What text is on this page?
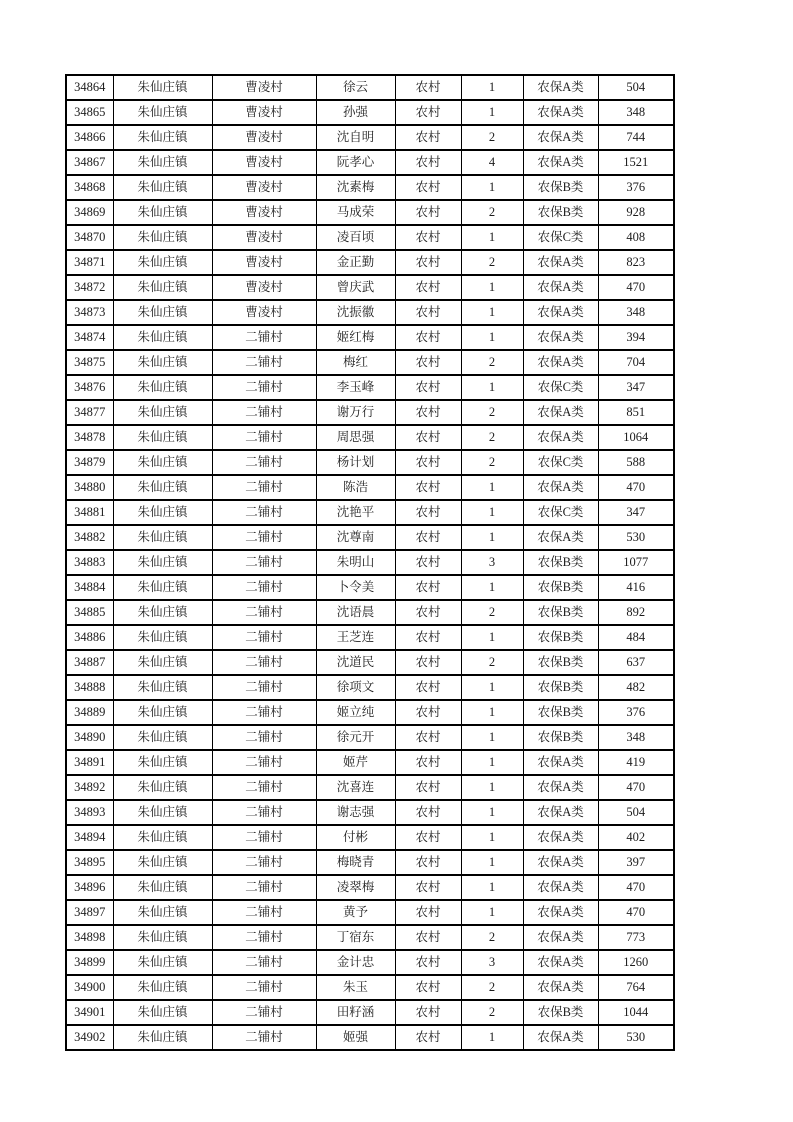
34864	朱仙庄镇	曹凌村	徐云	农村	1	农保A类	504
34865	朱仙庄镇	曹凌村	孙强	农村	1	农保A类	348
34866	朱仙庄镇	曹凌村	沈自明	农村	2	农保A类	744
34867	朱仙庄镇	曹凌村	阮孝心	农村	4	农保A类	1521
34868	朱仙庄镇	曹凌村	沈素梅	农村	1	农保B类	376
34869	朱仙庄镇	曹凌村	马成荣	农村	2	农保B类	928
34870	朱仙庄镇	曹凌村	凌百顷	农村	1	农保C类	408
34871	朱仙庄镇	曹凌村	金正勤	农村	2	农保A类	823
34872	朱仙庄镇	曹凌村	曾庆武	农村	1	农保A类	470
34873	朱仙庄镇	曹凌村	沈振徽	农村	1	农保A类	348
34874	朱仙庄镇	二铺村	姬红梅	农村	1	农保A类	394
34875	朱仙庄镇	二铺村	梅红	农村	2	农保A类	704
34876	朱仙庄镇	二铺村	李玉峰	农村	1	农保C类	347
34877	朱仙庄镇	二铺村	谢万行	农村	2	农保A类	851
34878	朱仙庄镇	二铺村	周思强	农村	2	农保A类	1064
34879	朱仙庄镇	二铺村	杨计划	农村	2	农保C类	588
34880	朱仙庄镇	二铺村	陈浩	农村	1	农保A类	470
34881	朱仙庄镇	二铺村	沈艳平	农村	1	农保C类	347
34882	朱仙庄镇	二铺村	沈尊南	农村	1	农保A类	530
34883	朱仙庄镇	二铺村	朱明山	农村	3	农保B类	1077
34884	朱仙庄镇	二铺村	卜令美	农村	1	农保B类	416
34885	朱仙庄镇	二铺村	沈语晨	农村	2	农保B类	892
34886	朱仙庄镇	二铺村	王芝连	农村	1	农保B类	484
34887	朱仙庄镇	二铺村	沈道民	农村	2	农保B类	637
34888	朱仙庄镇	二铺村	徐项文	农村	1	农保B类	482
34889	朱仙庄镇	二铺村	姬立纯	农村	1	农保B类	376
34890	朱仙庄镇	二铺村	徐元开	农村	1	农保B类	348
34891	朱仙庄镇	二铺村	姬芹	农村	1	农保A类	419
34892	朱仙庄镇	二铺村	沈喜连	农村	1	农保A类	470
34893	朱仙庄镇	二铺村	谢志强	农村	1	农保A类	504
34894	朱仙庄镇	二铺村	付彬	农村	1	农保A类	402
34895	朱仙庄镇	二铺村	梅晓青	农村	1	农保A类	397
34896	朱仙庄镇	二铺村	凌翠梅	农村	1	农保A类	470
34897	朱仙庄镇	二铺村	黄予	农村	1	农保A类	470
34898	朱仙庄镇	二铺村	丁宿东	农村	2	农保A类	773
34899	朱仙庄镇	二铺村	金计忠	农村	3	农保A类	1260
34900	朱仙庄镇	二铺村	朱玉	农村	2	农保A类	764
34901	朱仙庄镇	二铺村	田籽涵	农村	2	农保B类	1044
34902	朱仙庄镇	二铺村	姬强	农村	1	农保A类	530
